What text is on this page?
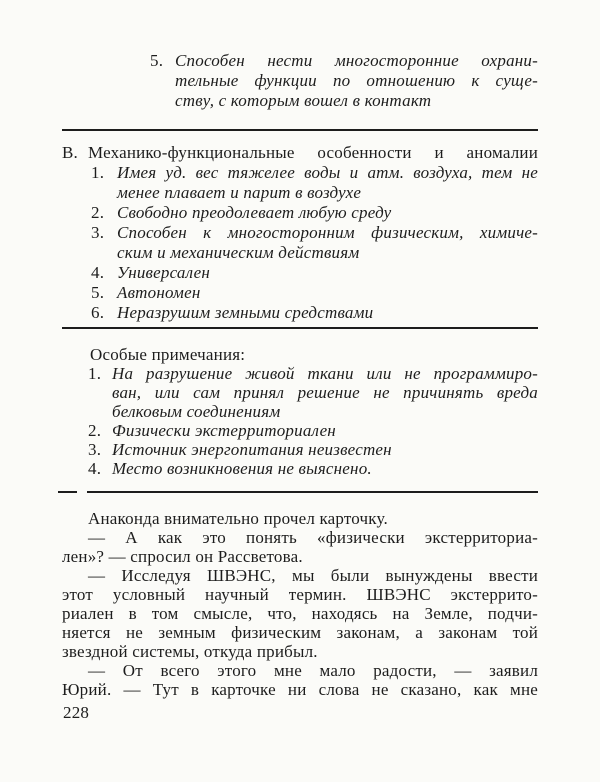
5. Способен нести многосторонние охрани-
тельные функции по отношению к суще-
ству, с которым вошел в контакт
В. Механико-функциональные особенности и аномалии
1. Имея уд. вес тяжелее воды и атм. воздуха, тем не
менее плавает и парит в воздухе
2. Свободно преодолевает любую среду
3. Способен к многосторонним физическим, химиче-
ским и механическим действиям
4. Универсален
5. Автономен
6. Неразрушим земными средствами
Особые примечания:
1. На разрушение живой ткани или не программиро-
ван, или сам принял решение не причинять вреда
белковым соединениям
2. Физически экстерриториален
3. Источник энергопитания неизвестен
4. Место возникновения не выяснено.
Анаконда внимательно прочел карточку.
— А как это понять «физически экстерриториа-
лен»? — спросил он Рассветова.
— Исследуя ШВЭНС, мы были вынуждены ввести
этот условный научный термин. ШВЭНС экстеррито-
риален в том смысле, что, находясь на Земле, подчи-
няется не земным физическим законам, а законам той
звездной системы, откуда прибыл.
— От всего этого мне мало радости, — заявил
Юрий. — Тут в карточке ни слова не сказано, как мне
228
